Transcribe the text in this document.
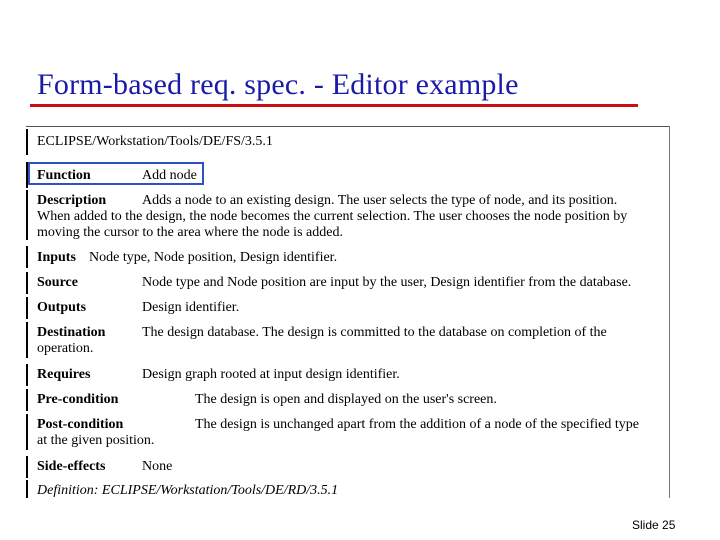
Form-based req. spec. - Editor example
ECLIPSE/Workstation/Tools/DE/FS/3.5.1
Function	Add node
Description	Adds a node to an existing design. The user selects the type of node, and its position.
When added to the design, the node becomes the current selection. The user chooses the node position by
moving the cursor to the area where the node is added.
Inputs Node type, Node position, Design identifier.
Source	Node type and Node position are input by the user, Design identifier from the database.
Outputs	Design identifier.
Destination	The design database. The design is committed to the database on completion of the
operation.
Requires	Design graph rooted at input design identifier.
Pre-condition	The design is open and displayed on the user's screen.
Post-condition	The design is unchanged apart from the addition of a node of the specified type
at the given position.
Side-effects	None
Definition: ECLIPSE/Workstation/Tools/DE/RD/3.5.1
Slide 25
